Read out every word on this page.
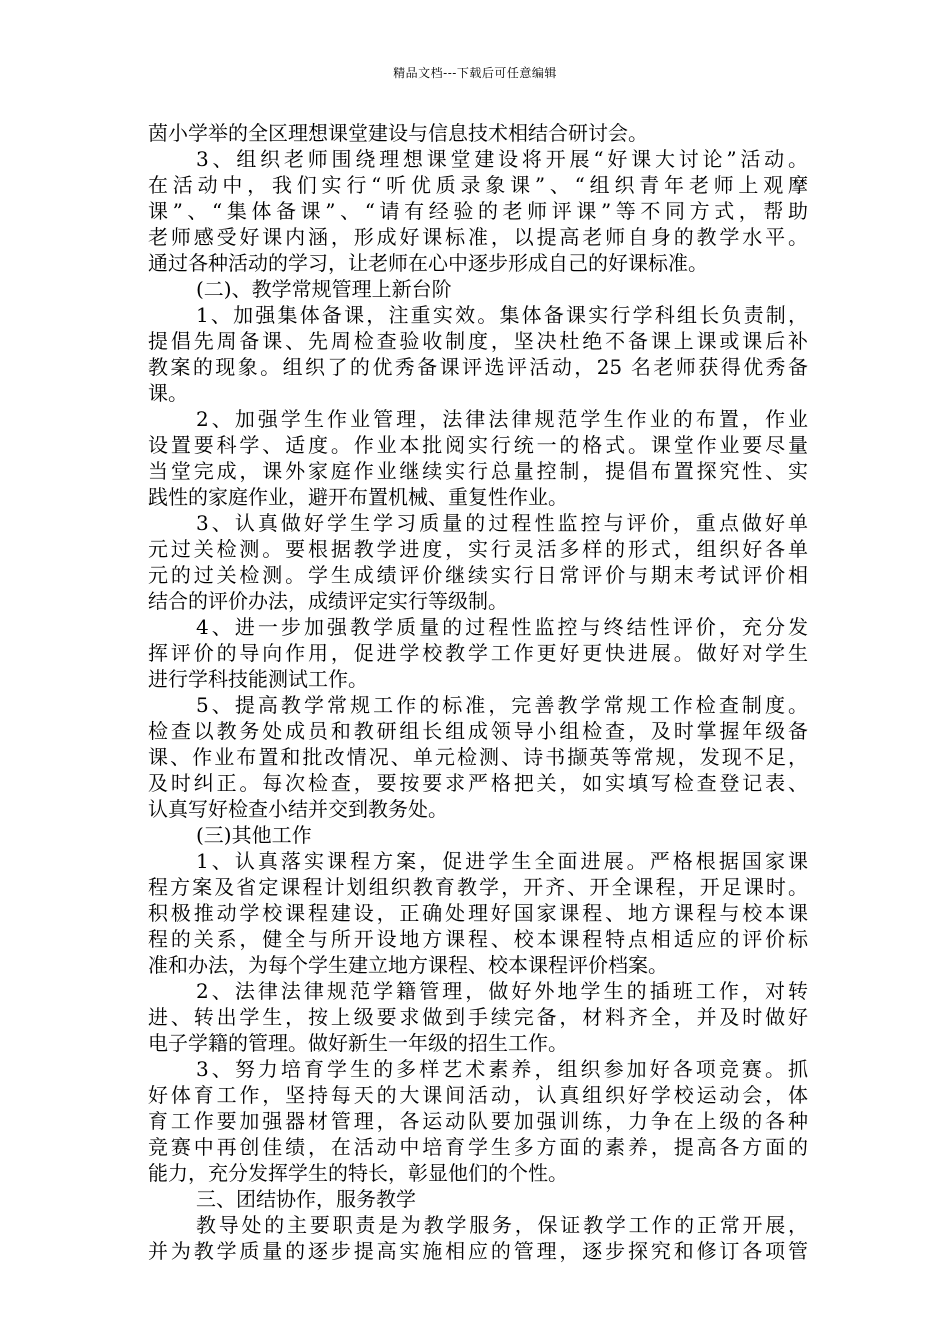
精品文档---下载后可任意编辑
茵小学举的全区理想课堂建设与信息技术相结合研讨会。
3、组织老师围绕理想课堂建设将开展“好课大讨论”活动。
在活动中，我们实行“听优质录象课”、“组织青年老师上观摩
课”、“集体备课”、“请有经验的老师评课”等不同方式，帮助
老师感受好课内涵，形成好课标准，以提高老师自身的教学水平。
通过各种活动的学习，让老师在心中逐步形成自己的好课标准。
(二)、教学常规管理上新台阶
1、加强集体备课，注重实效。集体备课实行学科组长负责制，
提倡先周备课、先周检查验收制度，坚决杜绝不备课上课或课后补
教案的现象。组织了的优秀备课评选评活动，25 名老师获得优秀备
课。
2、加强学生作业管理，法律法律规范学生作业的布置，作业
设置要科学、适度。作业本批阅实行统一的格式。课堂作业要尽量
当堂完成，课外家庭作业继续实行总量控制，提倡布置探究性、实
践性的家庭作业，避开布置机械、重复性作业。
3、认真做好学生学习质量的过程性监控与评价，重点做好单
元过关检测。要根据教学进度，实行灵活多样的形式，组织好各单
元的过关检测。学生成绩评价继续实行日常评价与期末考试评价相
结合的评价办法，成绩评定实行等级制。
4、进一步加强教学质量的过程性监控与终结性评价，充分发
挥评价的导向作用，促进学校教学工作更好更快进展。做好对学生
进行学科技能测试工作。
5、提高教学常规工作的标准，完善教学常规工作检查制度。
检查以教务处成员和教研组长组成领导小组检查，及时掌握年级备
课、作业布置和批改情况、单元检测、诗书撷英等常规，发现不足，
及时纠正。每次检查，要按要求严格把关，如实填写检查登记表、
认真写好检查小结并交到教务处。
(三)其他工作
1、认真落实课程方案，促进学生全面进展。严格根据国家课
程方案及省定课程计划组织教育教学，开齐、开全课程，开足课时。
积极推动学校课程建设，正确处理好国家课程、地方课程与校本课
程的关系，健全与所开设地方课程、校本课程特点相适应的评价标
准和办法，为每个学生建立地方课程、校本课程评价档案。
2、法律法律规范学籍管理，做好外地学生的插班工作，对转
进、转出学生，按上级要求做到手续完备，材料齐全，并及时做好
电子学籍的管理。做好新生一年级的招生工作。
3、努力培育学生的多样艺术素养，组织参加好各项竞赛。抓
好体育工作，坚持每天的大课间活动，认真组织好学校运动会，体
育工作要加强器材管理，各运动队要加强训练，力争在上级的各种
竞赛中再创佳绩，在活动中培育学生多方面的素养，提高各方面的
能力，充分发挥学生的特长，彰显他们的个性。
三、团结协作，服务教学
教导处的主要职责是为教学服务，保证教学工作的正常开展，
并为教学质量的逐步提高实施相应的管理，逐步探究和修订各项管
